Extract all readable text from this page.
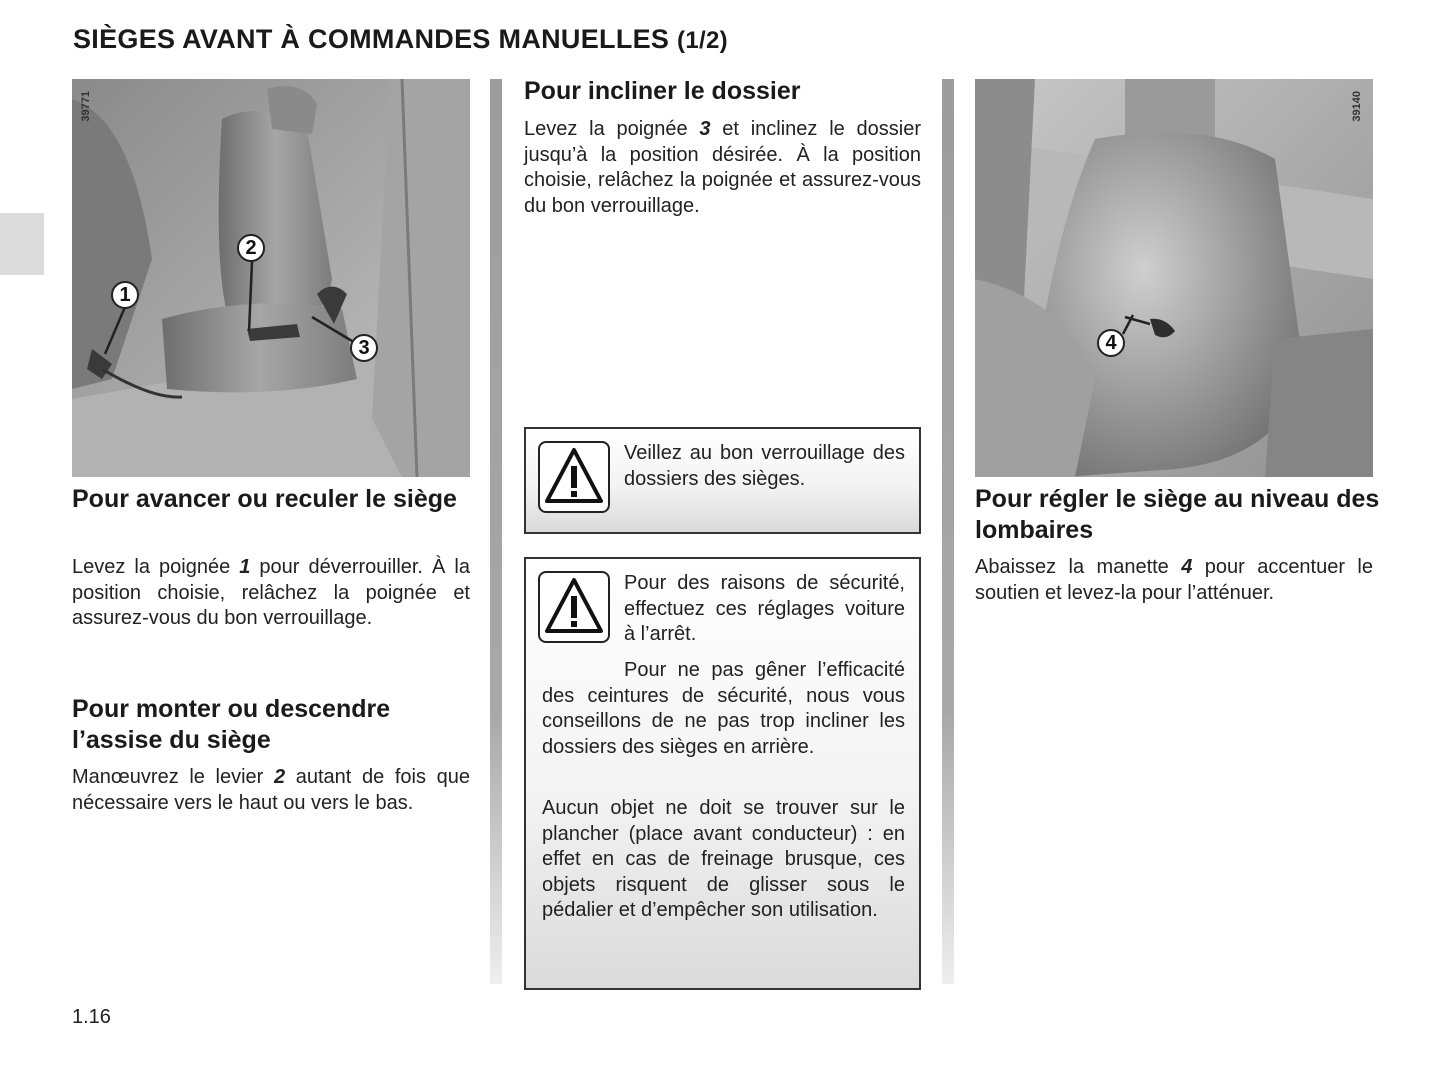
SIÈGES AVANT À COMMANDES MANUELLES (1/2)
39771
1
2
3
39140
4
Pour avancer ou reculer le siège

Levez la poignée 1 pour déverrouiller. À la position choisie, relâchez la poignée et assurez-vous du bon verrouillage.

Pour monter ou descendre l’assise du siège

Manœuvrez le levier 2 autant de fois que nécessaire vers le haut ou vers le bas.

Pour incliner le dossier

Levez la poignée 3 et inclinez le dossier jusqu’à la position désirée. À la position choisie, relâchez la poignée et assurez-vous du bon verrouillage.

Veillez au bon verrouillage des dossiers des sièges.

Pour des raisons de sécurité, effectuez ces réglages voiture à l’arrêt.

Pour ne pas gêner l’efficacité des ceintures de sécurité, nous vous conseillons de ne pas trop incliner les dossiers des sièges en arrière.

Aucun objet ne doit se trouver sur le plancher (place avant conducteur) : en effet en cas de freinage brusque, ces objets risquent de glisser sous le pédalier et d’empêcher son utilisation.

Pour régler le siège au niveau des lombaires

Abaissez la manette 4 pour accentuer le soutien et levez-la pour l’atténuer.

1.16
